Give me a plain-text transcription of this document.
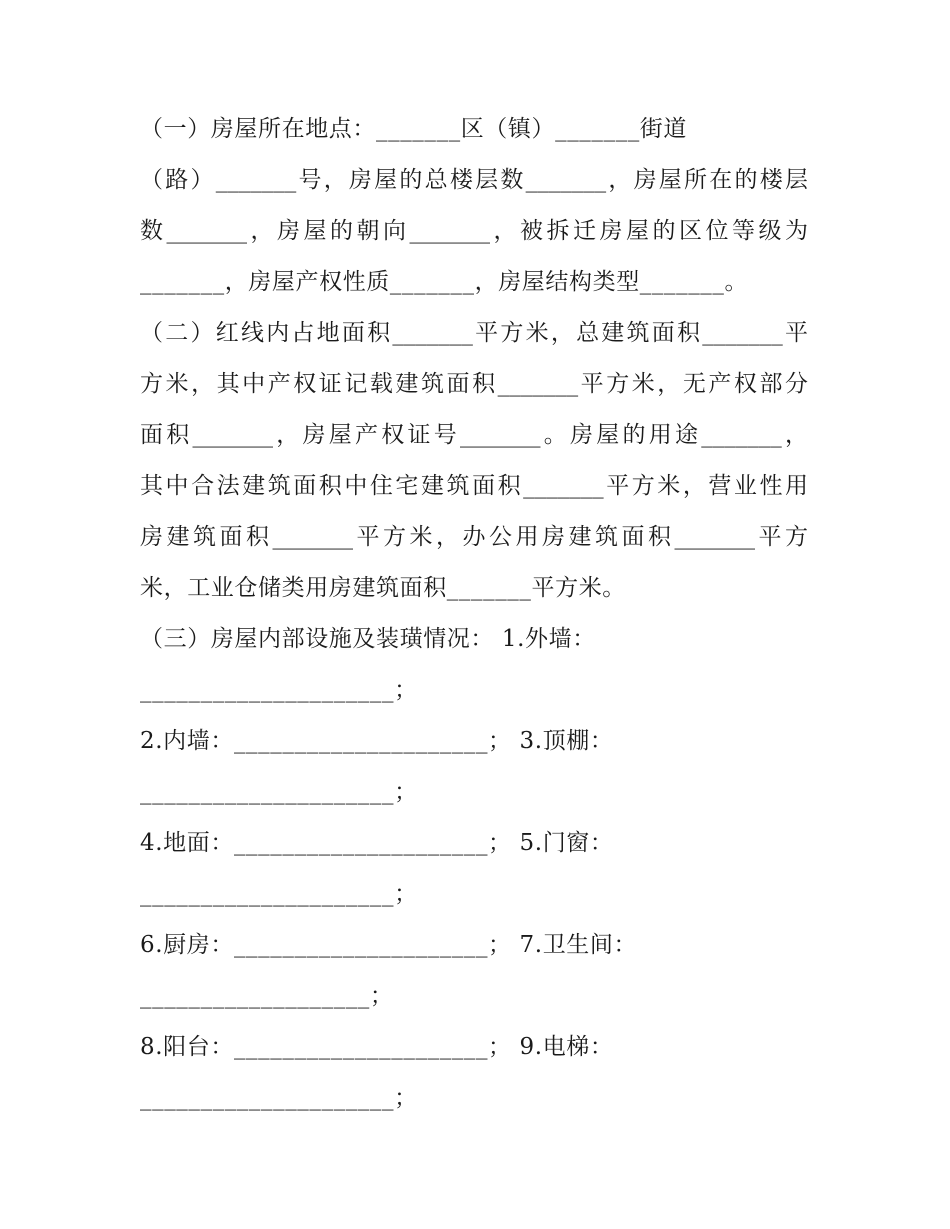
（一）房屋所在地点：_______区（镇）_______街道
（路）_______号，房屋的总楼层数_______，房屋所在的楼层
数_______，房屋的朝向_______，被拆迁房屋的区位等级为
_______，房屋产权性质_______，房屋结构类型_______。
（二）红线内占地面积_______平方米，总建筑面积_______平
方米，其中产权证记载建筑面积_______平方米，无产权部分
面积_______，房屋产权证号_______。房屋的用途_______，
其中合法建筑面积中住宅建筑面积_______平方米，营业性用
房建筑面积_______平方米，办公用房建筑面积_______平方
米，工业仓储类用房建筑面积_______平方米。
（三）房屋内部设施及装璜情况： 1.外墙：
_____________________；
2.内墙：_____________________； 3.顶棚：
_____________________；
4.地面：_____________________； 5.门窗：
_____________________；
6.厨房：_____________________； 7.卫生间：
___________________；
8.阳台：_____________________； 9.电梯：
_____________________；
